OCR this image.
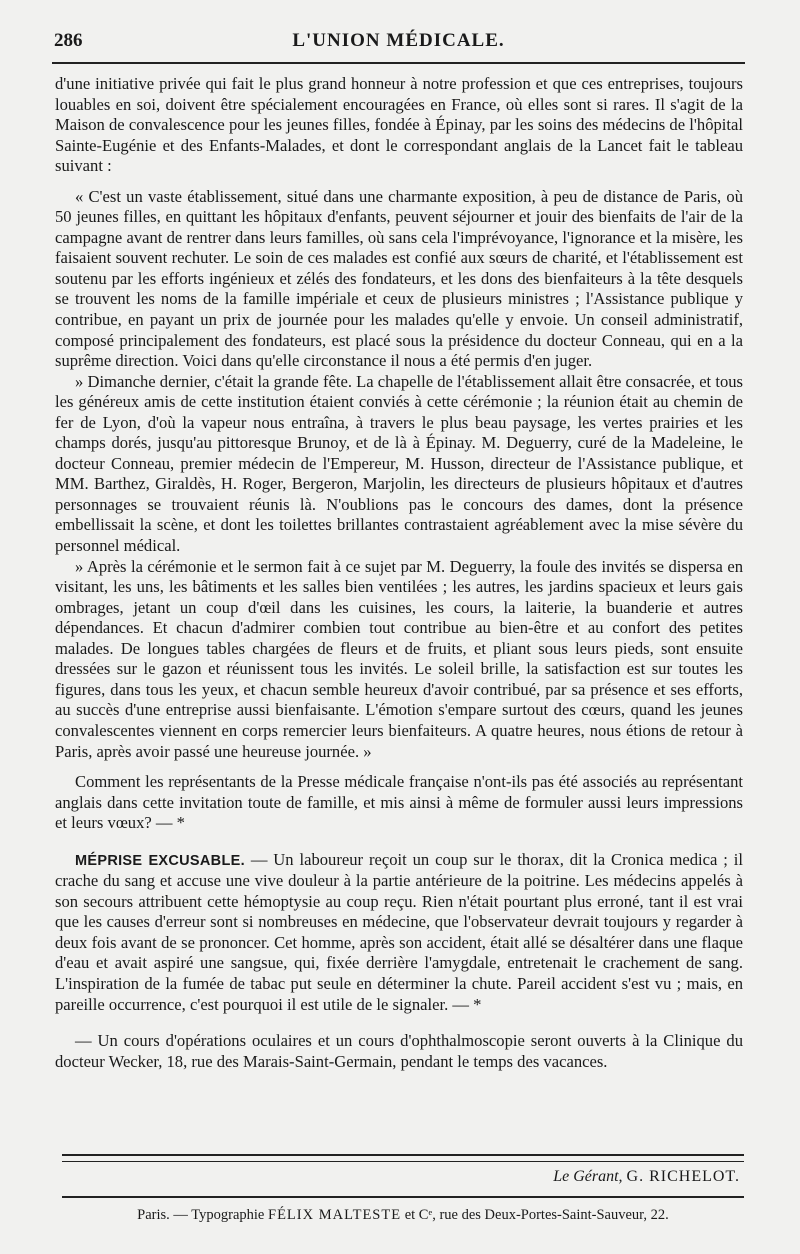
286	L'UNION MÉDICALE.

d'une initiative privée qui fait le plus grand honneur à notre profession et que ces entreprises, toujours louables en soi, doivent être spécialement encouragées en France, où elles sont si rares. Il s'agit de la Maison de convalescence pour les jeunes filles, fondée à Épinay, par les soins des médecins de l'hôpital Sainte-Eugénie et des Enfants-Malades, et dont le correspondant anglais de la Lancet fait le tableau suivant :

« C'est un vaste établissement, situé dans une charmante exposition, à peu de distance de Paris, où 50 jeunes filles, en quittant les hôpitaux d'enfants, peuvent séjourner et jouir des bienfaits de l'air de la campagne avant de rentrer dans leurs familles, où sans cela l'imprévoyance, l'ignorance et la misère, les faisaient souvent rechuter. Le soin de ces malades est confié aux sœurs de charité, et l'établissement est soutenu par les efforts ingénieux et zélés des fondateurs, et les dons des bienfaiteurs à la tête desquels se trouvent les noms de la famille impériale et ceux de plusieurs ministres ; l'Assistance publique y contribue, en payant un prix de journée pour les malades qu'elle y envoie. Un conseil administratif, composé principalement des fondateurs, est placé sous la présidence du docteur Conneau, qui en a la suprême direction. Voici dans qu'elle circonstance il nous a été permis d'en juger.

» Dimanche dernier, c'était la grande fête. La chapelle de l'établissement allait être consacrée, et tous les généreux amis de cette institution étaient conviés à cette cérémonie ; la réunion était au chemin de fer de Lyon, d'où la vapeur nous entraîna, à travers le plus beau paysage, les vertes prairies et les champs dorés, jusqu'au pittoresque Brunoy, et de là à Épinay. M. Deguerry, curé de la Madeleine, le docteur Conneau, premier médecin de l'Empereur, M. Husson, directeur de l'Assistance publique, et MM. Barthez, Giraldès, H. Roger, Bergeron, Marjolin, les directeurs de plusieurs hôpitaux et d'autres personnages se trouvaient réunis là. N'oublions pas le concours des dames, dont la présence embellissait la scène, et dont les toilettes brillantes contrastaient agréablement avec la mise sévère du personnel médical.

» Après la cérémonie et le sermon fait à ce sujet par M. Deguerry, la foule des invités se dispersa en visitant, les uns, les bâtiments et les salles bien ventilées ; les autres, les jardins spacieux et leurs gais ombrages, jetant un coup d'œil dans les cuisines, les cours, la laiterie, la buanderie et autres dépendances. Et chacun d'admirer combien tout contribue au bien-être et au confort des petites malades. De longues tables chargées de fleurs et de fruits, et pliant sous leurs pieds, sont ensuite dressées sur le gazon et réunissent tous les invités. Le soleil brille, la satisfaction est sur toutes les figures, dans tous les yeux, et chacun semble heureux d'avoir contribué, par sa présence et ses efforts, au succès d'une entreprise aussi bienfaisante. L'émotion s'empare surtout des cœurs, quand les jeunes convalescentes viennent en corps remercier leurs bienfaiteurs. A quatre heures, nous étions de retour à Paris, après avoir passé une heureuse journée. »

Comment les représentants de la Presse médicale française n'ont-ils pas été associés au représentant anglais dans cette invitation toute de famille, et mis ainsi à même de formuler aussi leurs impressions et leurs vœux? — *

MÉPRISE EXCUSABLE. — Un laboureur reçoit un coup sur le thorax, dit la Cronica medica ; il crache du sang et accuse une vive douleur à la partie antérieure de la poitrine. Les médecins appelés à son secours attribuent cette hémoptysie au coup reçu. Rien n'était pourtant plus erroné, tant il est vrai que les causes d'erreur sont si nombreuses en médecine, que l'observateur devrait toujours y regarder à deux fois avant de se prononcer. Cet homme, après son accident, était allé se désaltérer dans une flaque d'eau et avait aspiré une sangsue, qui, fixée derrière l'amygdale, entretenait le crachement de sang. L'inspiration de la fumée de tabac put seule en déterminer la chute. Pareil accident s'est vu ; mais, en pareille occurrence, c'est pourquoi il est utile de le signaler. — *

— Un cours d'opérations oculaires et un cours d'ophthalmoscopie seront ouverts à la Clinique du docteur Wecker, 18, rue des Marais-Saint-Germain, pendant le temps des vacances.

Le Gérant, G. RICHELOT.
Paris. — Typographie FÉLIX MALTESTE et Cᵉ, rue des Deux-Portes-Saint-Sauveur, 22.
